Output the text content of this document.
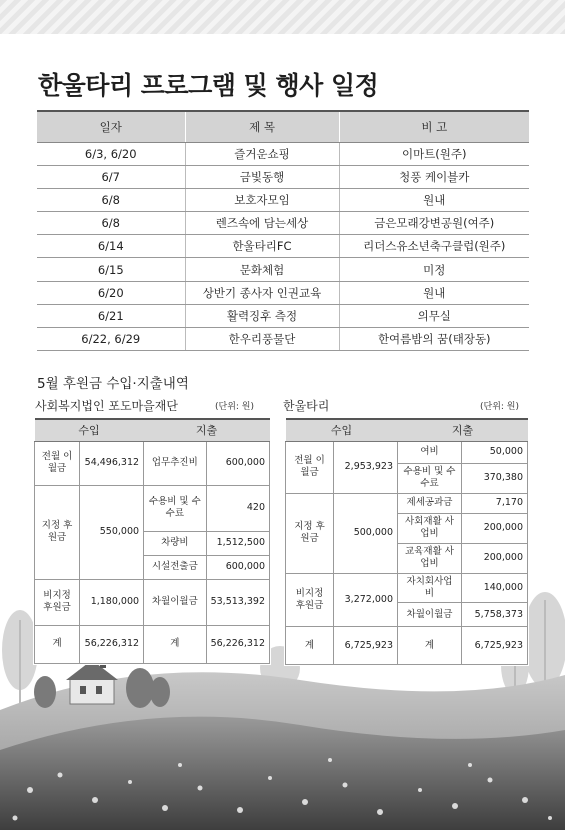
한울타리 프로그램 및 행사 일정
일자	제 목	비 고
6/3, 6/20	즐거운쇼핑	이마트(원주)
6/7	금빛동행	청풍 케이블카
6/8	보호자모임	원내
6/8	렌즈속에 담는세상	금은모래강변공원(여주)
6/14	한울타리FC	리더스유소년축구클럽(원주)
6/15	문화체험	미정
6/20	상반기 종사자 인권교육	원내
6/21	활력징후 측정	의무실
6/22, 6/29	한우리풍물단	한여름밤의 꿈(태장동)
5월 후원금 수입·지출내역
사회복지법인 포도마을재단	(단위: 원) 한울타리	(단위: 원)
수입		지출	
전월 이월금	54,496,312	업무추진비	600,000
지정 후원금	550,000	수용비 및 수수료	420
		차량비	1,512,500
		시설전출금	600,000
비지정 후원금	1,180,000	차월이월금	53,513,392
계	56,226,312	계	56,226,312
수입		지출	
전월 이월금	2,953,923	여비	50,000
		수용비 및 수수료	370,380
지정 후원금	500,000	제세공과금	7,170
		사회재활 사업비	200,000
		교육재활 사업비	200,000
비지정 후원금	3,272,000	자치회사업비	140,000
		차월이월금	5,758,373
계	6,725,923	계	6,725,923
